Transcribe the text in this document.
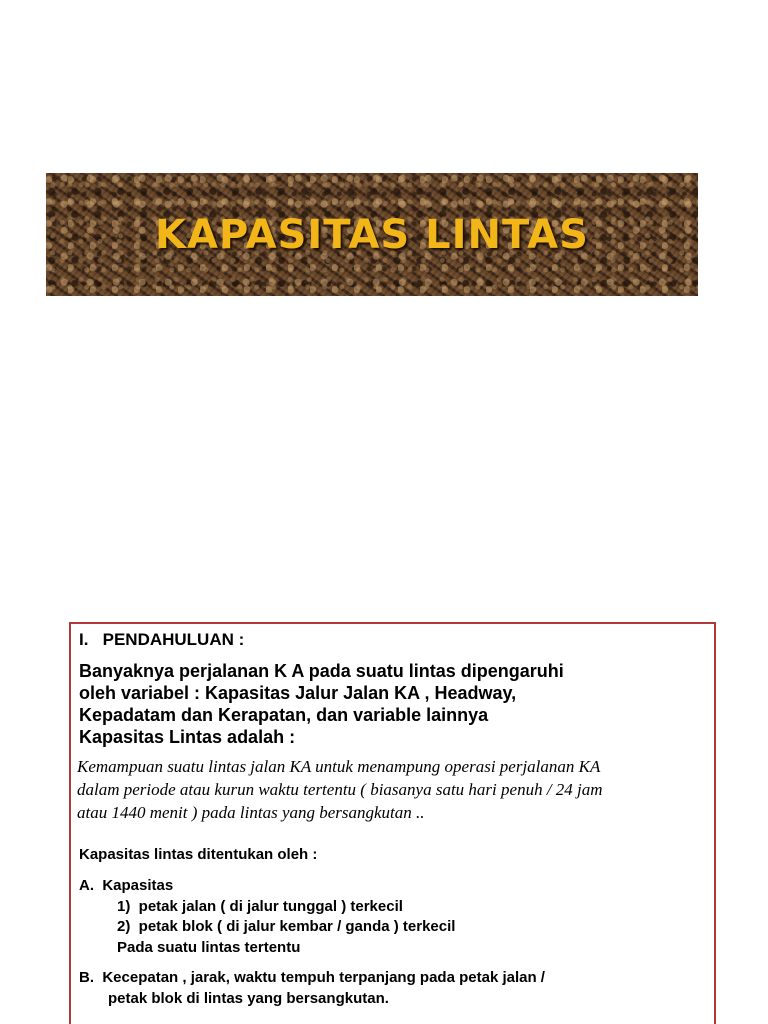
KAPASITAS LINTAS
I.   PENDAHULUAN :
Banyaknya perjalanan K A pada suatu lintas dipengaruhi
oleh variabel : Kapasitas Jalur Jalan KA , Headway,
Kepadatam dan Kerapatan, dan variable lainnya
Kapasitas Lintas adalah :
Kemampuan suatu lintas jalan KA untuk menampung operasi perjalanan KA
dalam periode atau kurun waktu tertentu ( biasanya satu hari penuh / 24 jam
atau 1440 menit ) pada lintas yang bersangkutan ..
Kapasitas lintas ditentukan oleh :
A.  Kapasitas
1)  petak jalan ( di jalur tunggal ) terkecil
2)  petak blok ( di jalur kembar / ganda ) terkecil
Pada suatu lintas tertentu
B.  Kecepatan , jarak, waktu tempuh terpanjang pada petak jalan /
petak blok di lintas yang bersangkutan.
